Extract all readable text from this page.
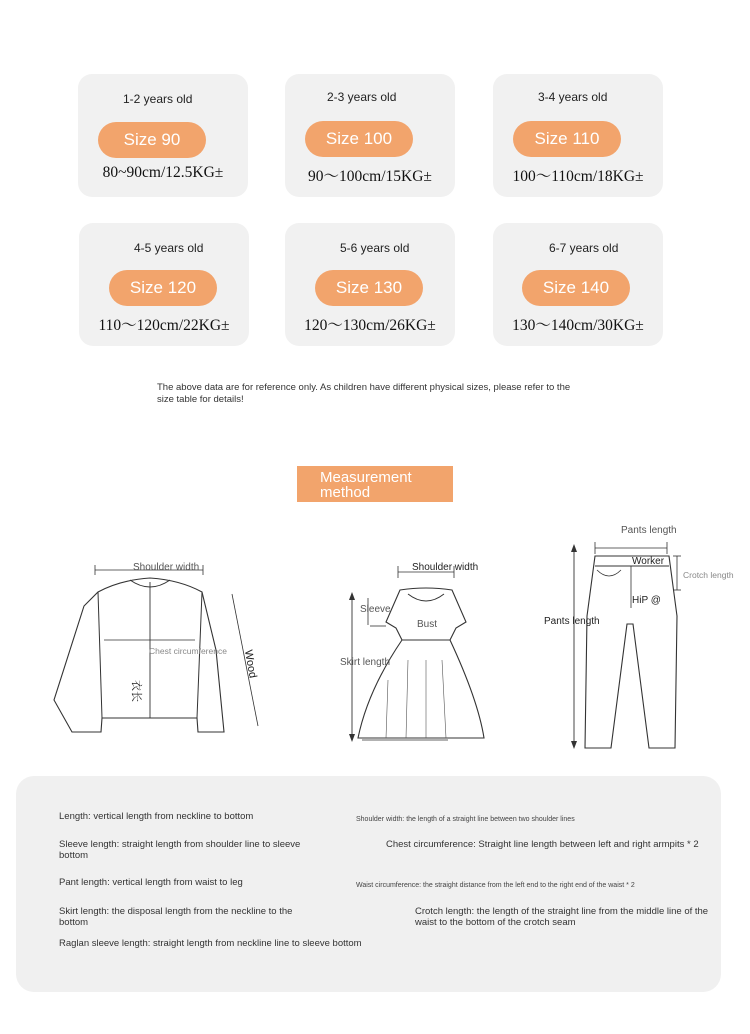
1-2 years old
Size 90
80~90cm/12.5KG±
2-3 years old
Size 100
90～100cm/15KG±
3-4 years old
Size 110
100～110cm/18KG±
4-5 years old
Size 120
110～120cm/22KG±
5-6 years old
Size 130
120～130cm/26KG±
6-7 years old
Size 140
130～140cm/30KG±
The above data are for reference only. As children have different physical sizes, please refer to the size table for details!
Measurement method
Shoulder width
Chest circumference Wood
衣长
Shoulder width
Sleeve
Bust
Skirt length
Pants length
Worker
Crotch length
HiP @
Pants length
Length: vertical length from neckline to bottom	Shoulder width: the length of a straight line between two shoulder lines
Sleeve length: straight length from shoulder line to sleeve bottom
Chest circumference: Straight line length between left and right armpits * 2
Pant length: vertical length from waist to leg	Waist circumference: the straight distance from the left end to the right end of the waist * 2
Skirt length: the disposal length from the neckline to the bottom
Crotch length: the length of the straight line from the middle line of the waist to the bottom of the crotch seam
Raglan sleeve length: straight length from neckline line to sleeve bottom
